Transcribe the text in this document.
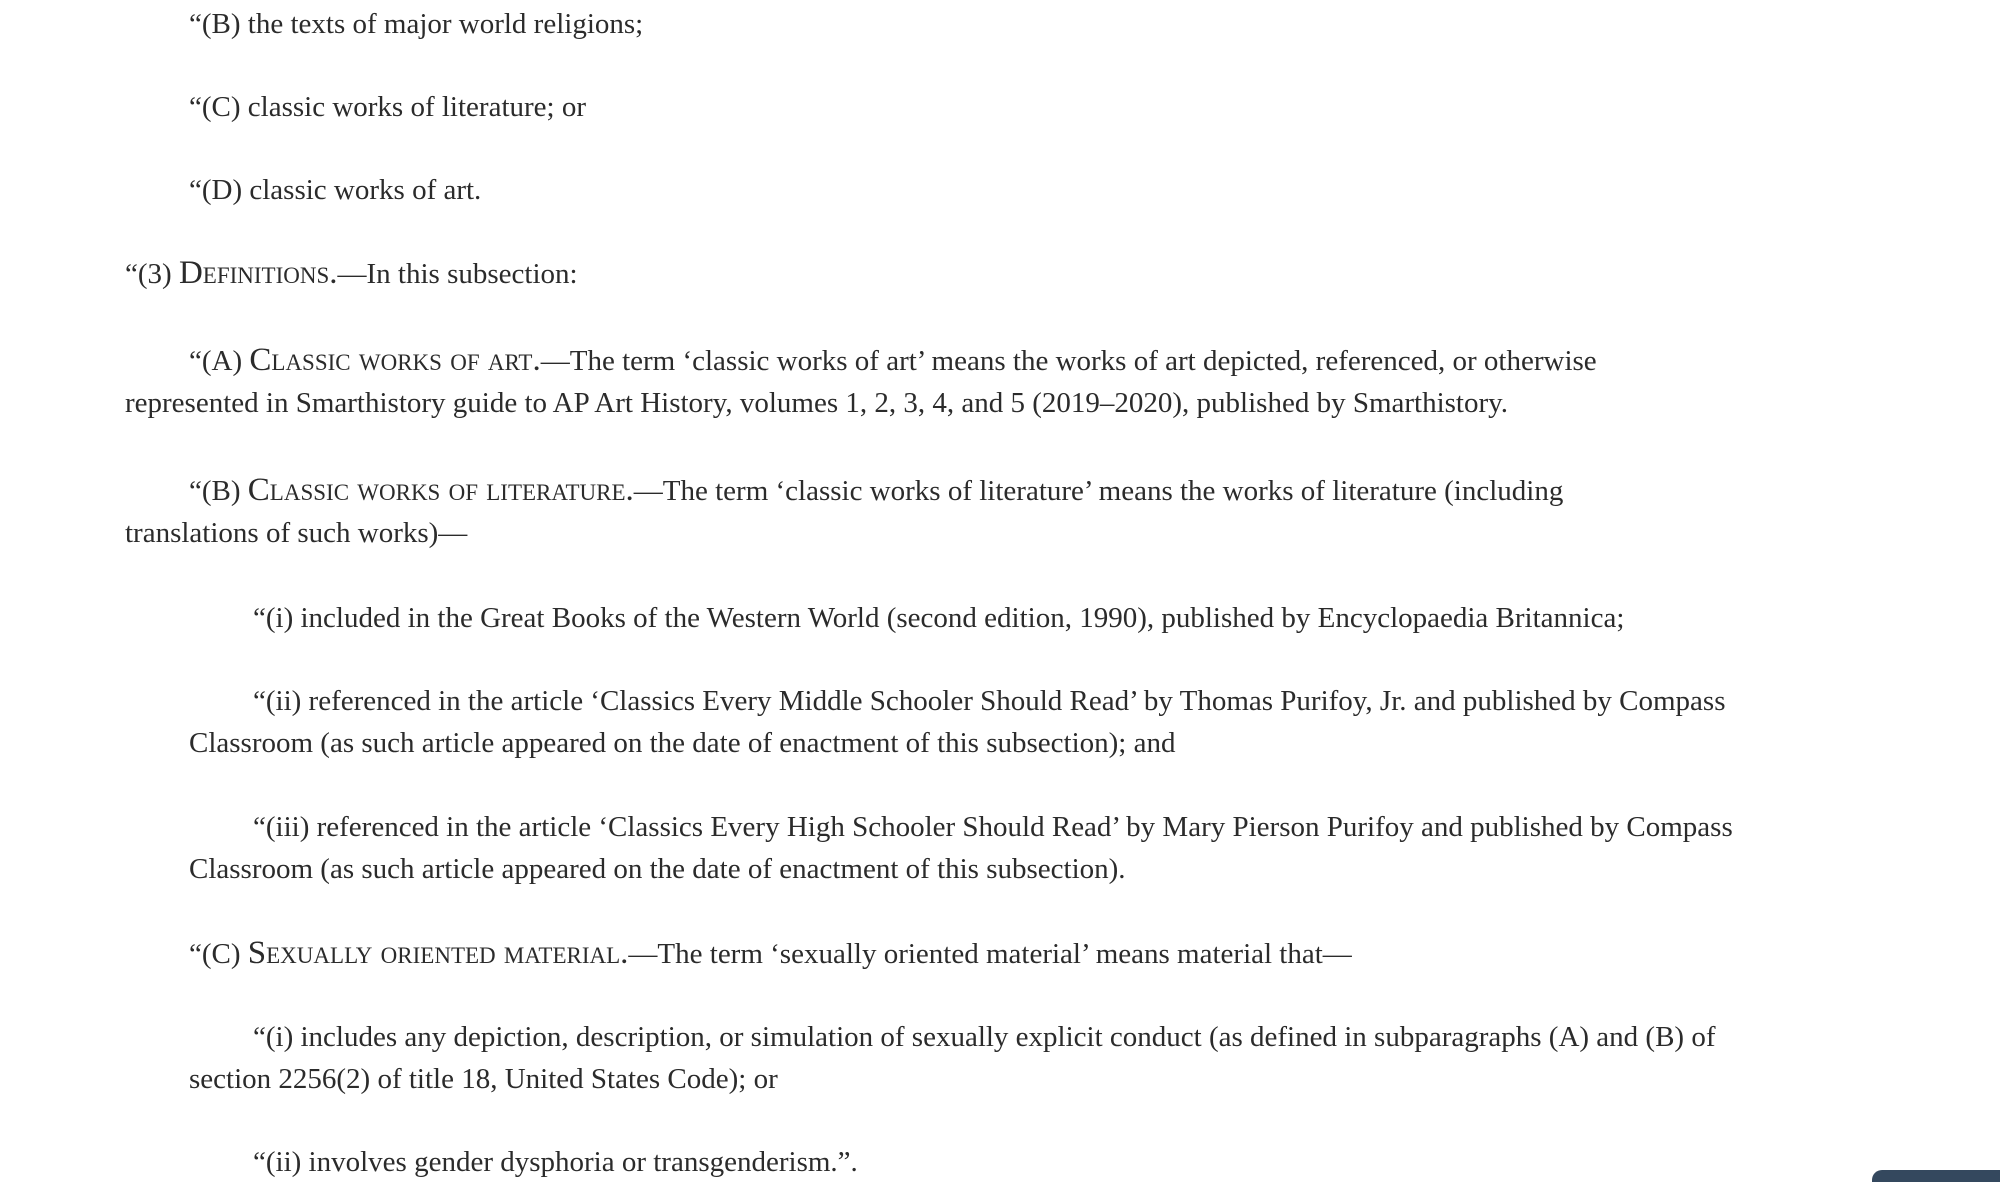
“(B) the texts of major world religions;

“(C) classic works of literature; or

“(D) classic works of art.

“(3) Definitions.—In this subsection:

“(A) Classic works of art.—The term ‘classic works of art’ means the works of art depicted, referenced, or otherwise
represented in Smarthistory guide to AP Art History, volumes 1, 2, 3, 4, and 5 (2019–2020), published by Smarthistory.

“(B) Classic works of literature.—The term ‘classic works of literature’ means the works of literature (including
translations of such works)—

“(i) included in the Great Books of the Western World (second edition, 1990), published by Encyclopaedia Britannica;

“(ii) referenced in the article ‘Classics Every Middle Schooler Should Read’ by Thomas Purifoy, Jr. and published by Compass
Classroom (as such article appeared on the date of enactment of this subsection); and

“(iii) referenced in the article ‘Classics Every High Schooler Should Read’ by Mary Pierson Purifoy and published by Compass
Classroom (as such article appeared on the date of enactment of this subsection).

“(C) Sexually oriented material.—The term ‘sexually oriented material’ means material that—

“(i) includes any depiction, description, or simulation of sexually explicit conduct (as defined in subparagraphs (A) and (B) of
section 2256(2) of title 18, United States Code); or

“(ii) involves gender dysphoria or transgenderism.”.
